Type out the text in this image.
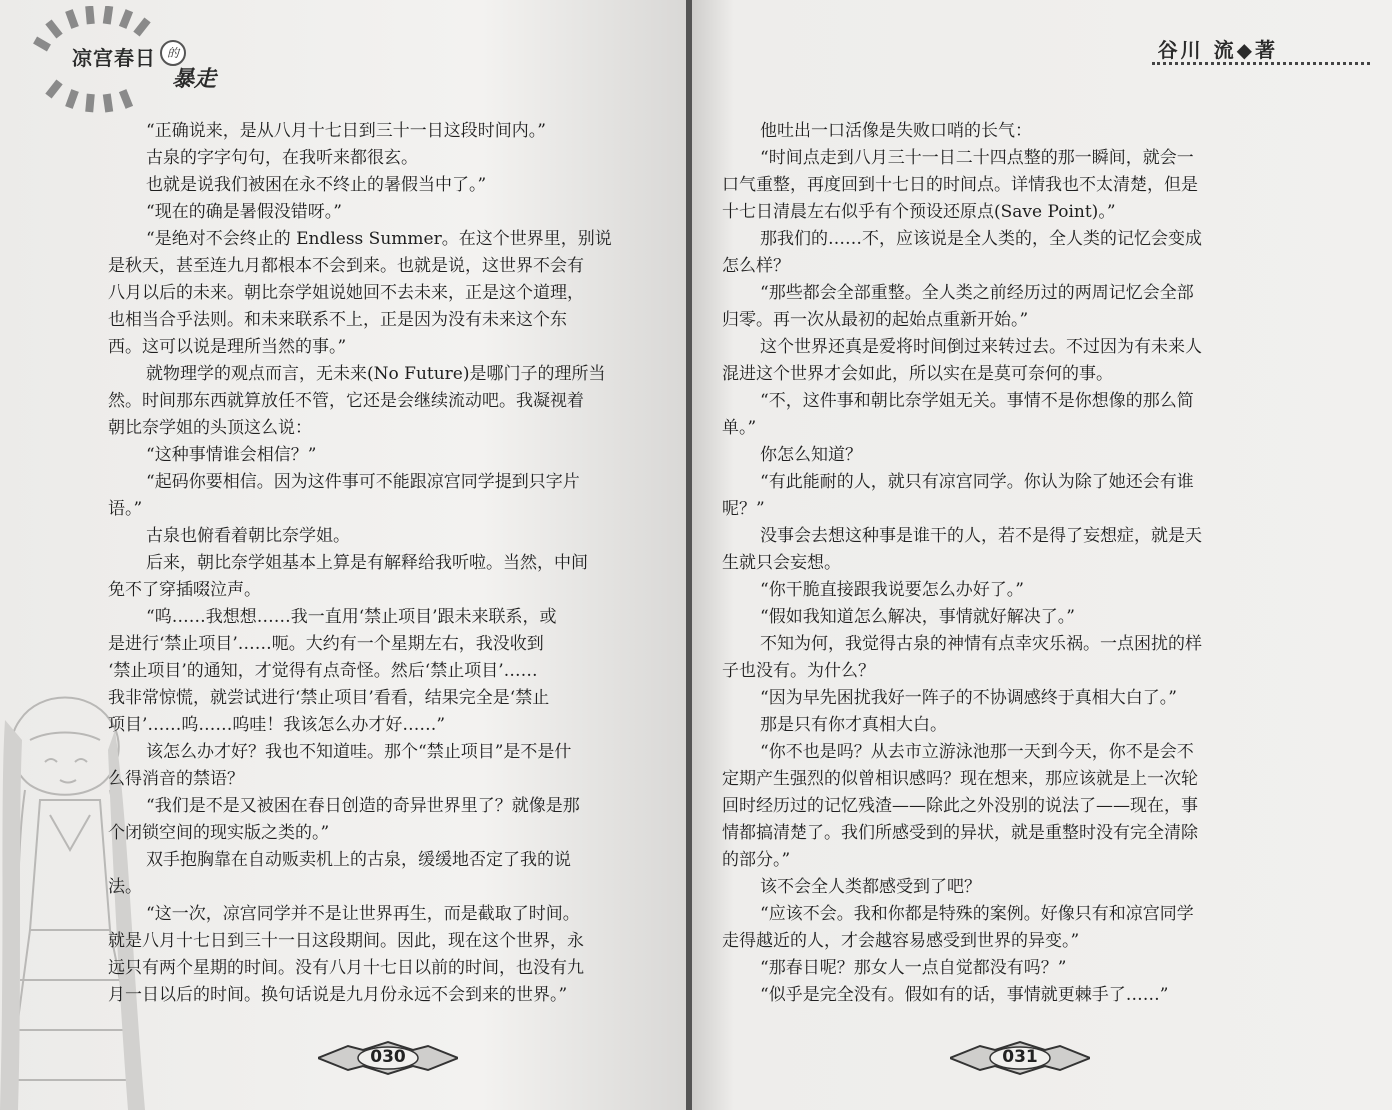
凉宫春日 的
暴走

“正确说来，是从八月十七日到三十一日这段时间内。”

古泉的字字句句，在我听来都很玄。

也就是说我们被困在永不终止的暑假当中了。”

“现在的确是暑假没错呀。”

“是绝对不会终止的 Endless Summer。在这个世界里，别说

是秋天，甚至连九月都根本不会到来。也就是说，这世界不会有

八月以后的未来。朝比奈学姐说她回不去未来，正是这个道理，

也相当合乎法则。和未来联系不上，正是因为没有未来这个东

西。这可以说是理所当然的事。”

就物理学的观点而言，无未来(No Future)是哪门子的理所当

然。时间那东西就算放任不管，它还是会继续流动吧。我凝视着

朝比奈学姐的头顶这么说：

“这种事情谁会相信？”

“起码你要相信。因为这件事可不能跟凉宫同学提到只字片

语。”

古泉也俯看着朝比奈学姐。

后来，朝比奈学姐基本上算是有解释给我听啦。当然，中间

免不了穿插啜泣声。

“呜……我想想……我一直用‘禁止项目’跟未来联系，或

是进行‘禁止项目’……呃。大约有一个星期左右，我没收到

‘禁止项目’的通知，才觉得有点奇怪。然后‘禁止项目’……

我非常惊慌，就尝试进行‘禁止项目’看看，结果完全是‘禁止

项目’……呜……呜哇！我该怎么办才好……”

该怎么办才好？我也不知道哇。那个“禁止项目”是不是什

么得消音的禁语？

“我们是不是又被困在春日创造的奇异世界里了？就像是那

个闭锁空间的现实版之类的。”

双手抱胸靠在自动贩卖机上的古泉，缓缓地否定了我的说

法。

“这一次，凉宫同学并不是让世界再生，而是截取了时间。

就是八月十七日到三十一日这段期间。因此，现在这个世界，永

远只有两个星期的时间。没有八月十七日以前的时间，也没有九

月一日以后的时间。换句话说是九月份永远不会到来的世界。”

030
谷川 流◆著

他吐出一口活像是失败口哨的长气：

“时间点走到八月三十一日二十四点整的那一瞬间，就会一

口气重整，再度回到十七日的时间点。详情我也不太清楚，但是

十七日清晨左右似乎有个预设还原点(Save Point)。”

那我们的……不，应该说是全人类的，全人类的记忆会变成

怎么样？

“那些都会全部重整。全人类之前经历过的两周记忆会全部

归零。再一次从最初的起始点重新开始。”

这个世界还真是爱将时间倒过来转过去。不过因为有未来人

混进这个世界才会如此，所以实在是莫可奈何的事。

“不，这件事和朝比奈学姐无关。事情不是你想像的那么简

单。”

你怎么知道？

“有此能耐的人，就只有凉宫同学。你认为除了她还会有谁

呢？”

没事会去想这种事是谁干的人，若不是得了妄想症，就是天

生就只会妄想。

“你干脆直接跟我说要怎么办好了。”

“假如我知道怎么解决，事情就好解决了。”

不知为何，我觉得古泉的神情有点幸灾乐祸。一点困扰的样

子也没有。为什么？

“因为早先困扰我好一阵子的不协调感终于真相大白了。”

那是只有你才真相大白。

“你不也是吗？从去市立游泳池那一天到今天，你不是会不

定期产生强烈的似曾相识感吗？现在想来，那应该就是上一次轮

回时经历过的记忆残渣——除此之外没别的说法了——现在，事

情都搞清楚了。我们所感受到的异状，就是重整时没有完全清除

的部分。”

该不会全人类都感受到了吧？

“应该不会。我和你都是特殊的案例。好像只有和凉宫同学

走得越近的人，才会越容易感受到世界的异变。”

“那春日呢？那女人一点自觉都没有吗？”

“似乎是完全没有。假如有的话，事情就更棘手了……”

031
